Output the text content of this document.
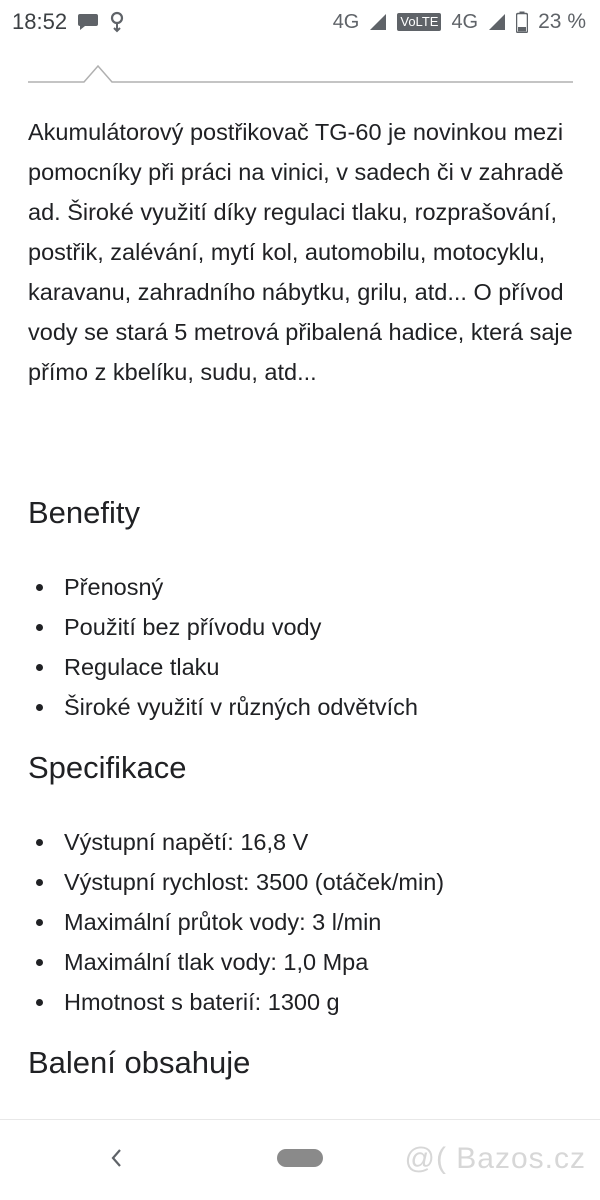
18:52	4G	VoLTE 4G	23 %

Akumulátorový postřikovač TG-60 je novinkou mezi pomocníky při práci na vinici, v sadech či v zahradě ad. Široké využití díky regulaci tlaku, rozprašování, postřik, zalévání, mytí kol, automobilu, motocyklu, karavanu, zahradního nábytku, grilu, atd... O přívod vody se stará 5 metrová přibalená hadice, která saje přímo z kbelíku, sudu, atd...

Benefity
Přenosný
Použití bez přívodu vody
Regulace tlaku
Široké využití v různých odvětvích
Specifikace
Výstupní napětí: 16,8 V
Výstupní rychlost: 3500 (otáček/min)
Maximální průtok vody: 3 l/min
Maximální tlak vody: 1,0 Mpa
Hmotnost s baterií: 1300 g
Balení obsahuje
@( Bazos.cz
